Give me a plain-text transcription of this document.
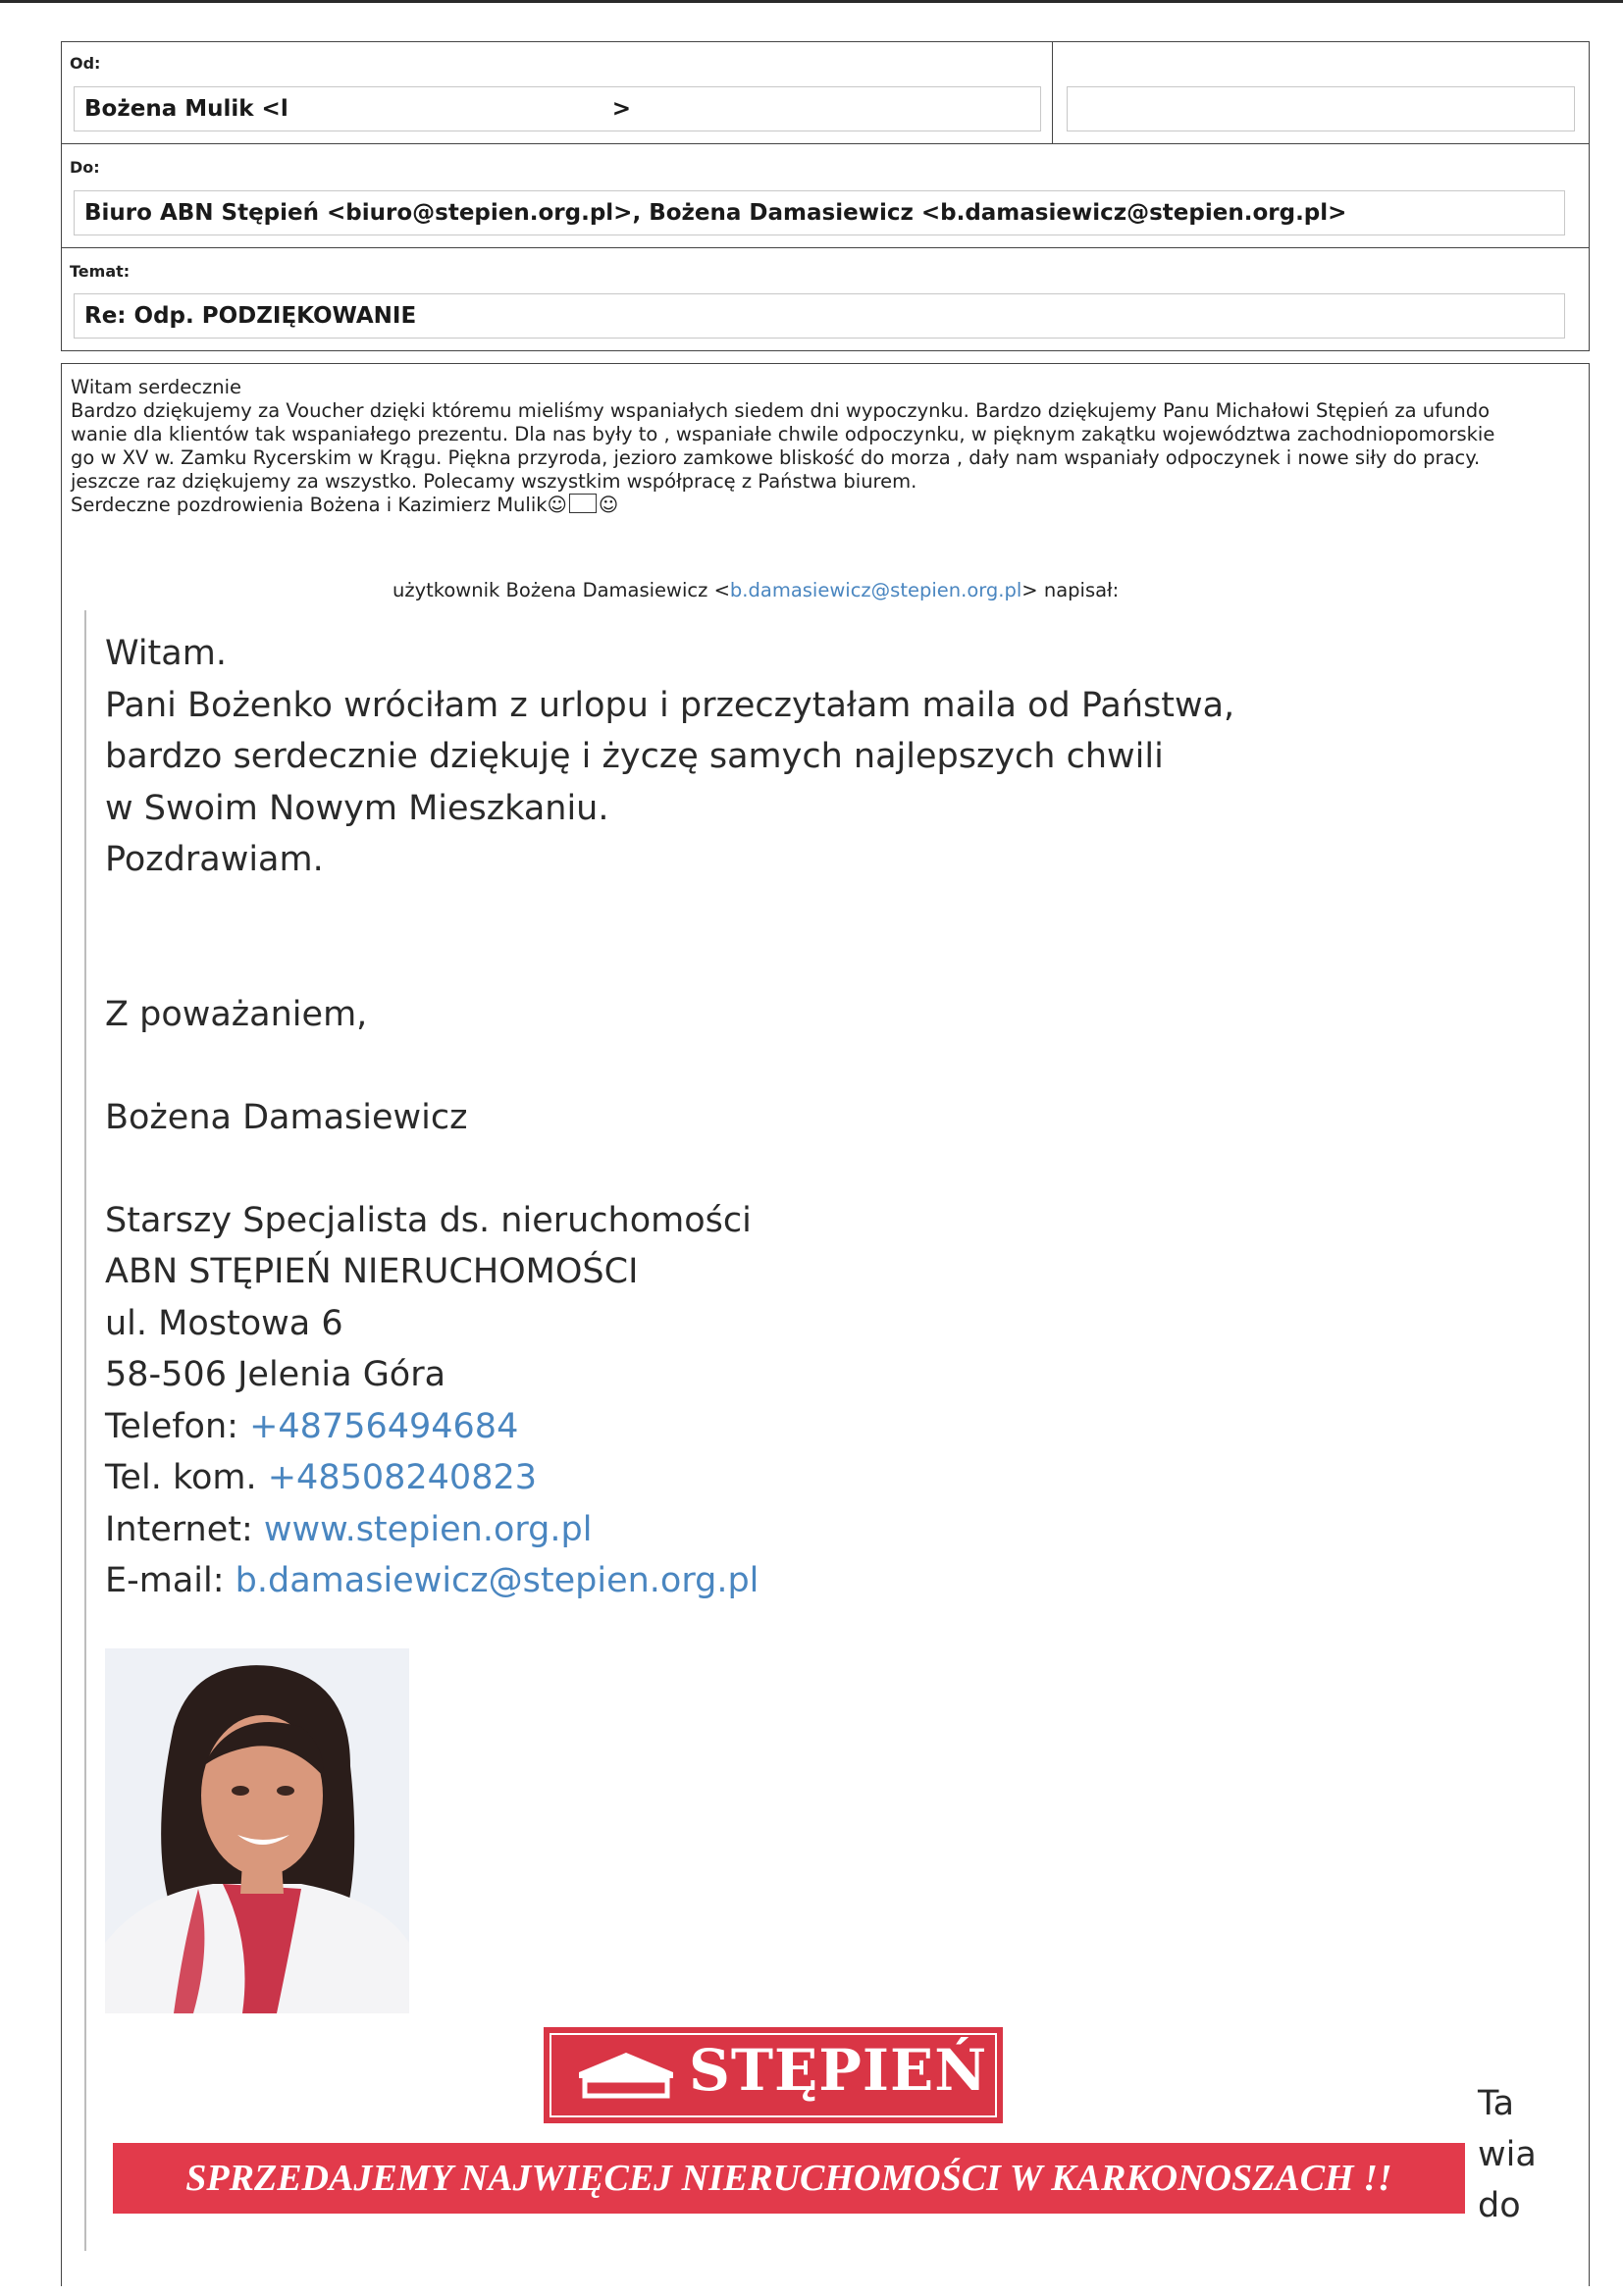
Od:
Bożena Mulik <l	>
Do:
Biuro ABN Stępień <biuro@stepien.org.pl>, Bożena Damasiewicz <b.damasiewicz@stepien.org.pl>
Temat:
Re: Odp. PODZIĘKOWANIE
Witam serdecznie
Bardzo dziękujemy za Voucher dzięki któremu mieliśmy wspaniałych siedem dni wypoczynku. Bardzo dziękujemy Panu Michałowi Stępień za ufundo
wanie dla klientów tak wspaniałego prezentu. Dla nas były to , wspaniałe chwile odpoczynku, w pięknym zakątku województwa zachodniopomorskie
go w XV w. Zamku Rycerskim w Krągu. Piękna przyroda, jezioro zamkowe bliskość do morza , dały nam wspaniały odpoczynek i nowe siły do pracy.
jeszcze raz dziękujemy za wszystko. Polecamy wszystkim współpracę z Państwa biurem.
Serdeczne pozdrowienia Bożena i Kazimierz Mulik☺ ☺
użytkownik Bożena Damasiewicz <b.damasiewicz@stepien.org.pl> napisał:
Witam.
Pani Bożenko wróciłam z urlopu i przeczytałam maila od Państwa,
bardzo serdecznie dziękuję i życzę samych najlepszych chwili
w Swoim Nowym Mieszkaniu.
Pozdrawiam.
Z poważaniem,
Bożena Damasiewicz
Starszy Specjalista ds. nieruchomości
ABN STĘPIEŃ NIERUCHOMOŚCI
ul. Mostowa 6
58-506 Jelenia Góra
Telefon: +48756494684
Tel. kom. +48508240823
Internet: www.stepien.org.pl
E-mail: b.damasiewicz@stepien.org.pl
STĘPIEŃ
SPRZEDAJEMY NAJWIĘCEJ NIERUCHOMOŚCI W KARKONOSZACH !!
Ta
wia
do
